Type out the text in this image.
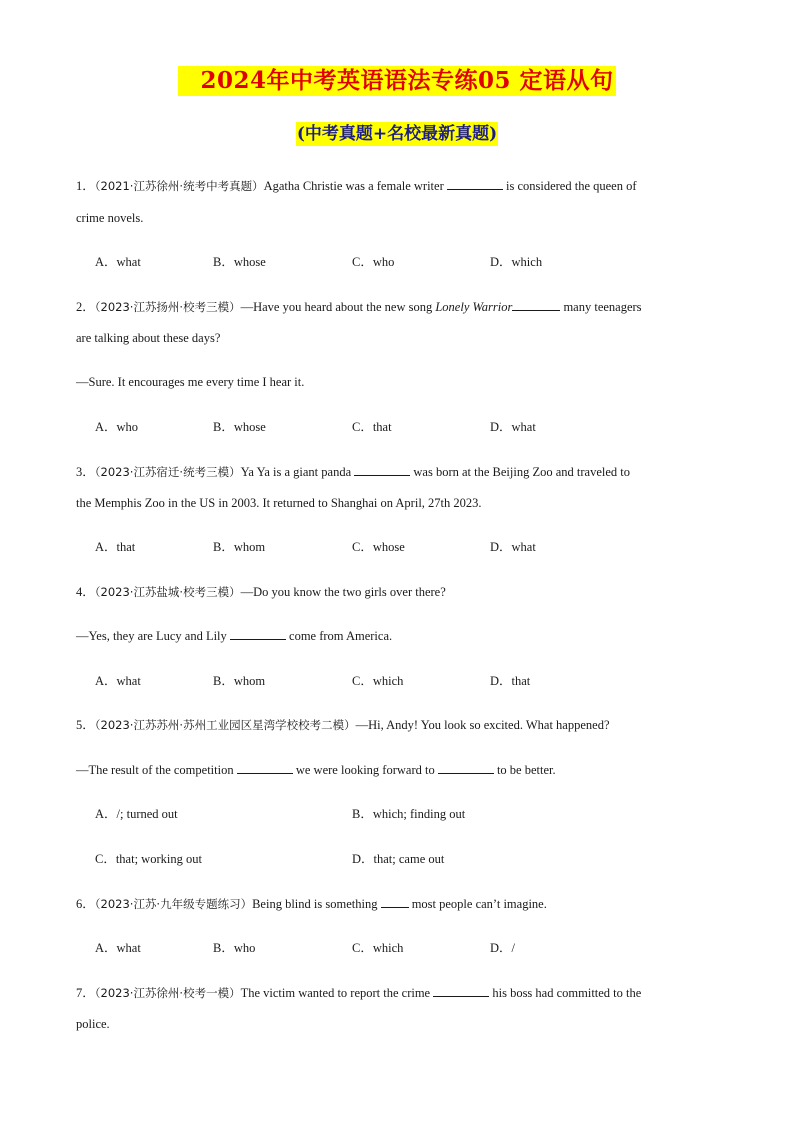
2024年中考英语语法专练05 定语从句
(中考真题+名校最新真题)
1．（2021·江苏徐州·统考中考真题）Agatha Christie was a female writer	is considered the queen of
crime novels.
A．what	B．whose	C．who	D．which
2．（2023·江苏扬州·校考三模）—Have you heard about the new song Lonely Warrior	many teenagers
are talking about these days?
—Sure. It encourages me every time I hear it.
A．who	B．whose	C．that	D．what
3．（2023·江苏宿迁·统考三模）Ya Ya is a giant panda	was born at the Beijing Zoo and traveled to
the Memphis Zoo in the US in 2003. It returned to Shanghai on April, 27th 2023.
A．that	B．whom	C．whose	D．what
4．（2023·江苏盐城·校考三模）—Do you know the two girls over there?
—Yes, they are Lucy and Lily	come from America.
A．what	B．whom	C．which	D．that
5．（2023·江苏苏州·苏州工业园区星湾学校校考二模）—Hi, Andy! You look so excited. What happened?
—The result of the competition	we were looking forward to	to be better.
A．/; turned out	B．which; finding out
C．that; working out	D．that; came out
6．（2023·江苏·九年级专题练习）Being blind is something  most people can’t imagine.
A．what	B．who	C．which	D．/
7．（2023·江苏徐州·校考一模）The victim wanted to report the crime	his boss had committed to the
police.
